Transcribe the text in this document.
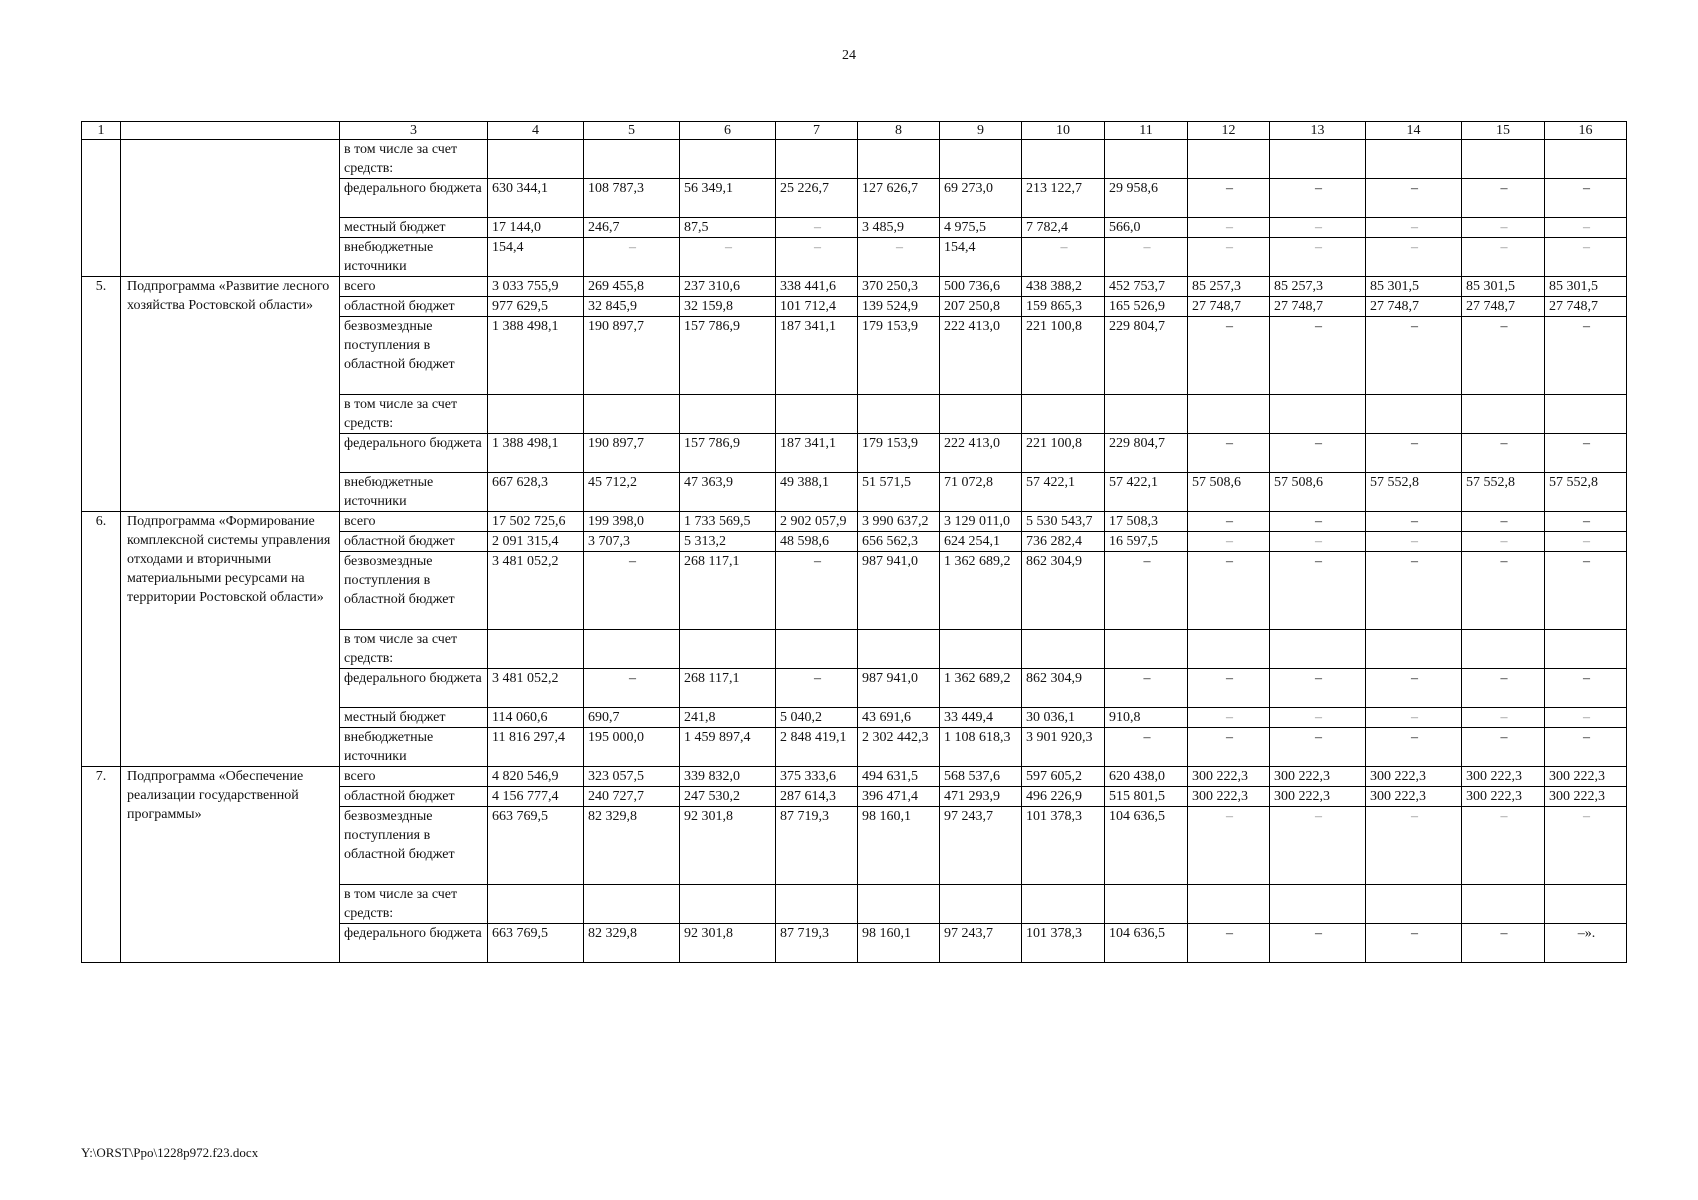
24
1		3	4	5	6	7	8	9	10	11	12	13	14	15	16
		в том числе за счет средств:													
		федерального бюджета	630 344,1	108 787,3	56 349,1	25 226,7	127 626,7	69 273,0	213 122,7	29 958,6	–	–	–	–	–
		местный бюджет	17 144,0	246,7	87,5	–	3 485,9	4 975,5	7 782,4	566,0	–	–	–	–	–
		внебюджетные источники	154,4	–	–	–	–	154,4	–	–	–	–	–	–	–
5.	Подпрограмма «Развитие лесного хозяйства Ростовской области»	всего	3 033 755,9	269 455,8	237 310,6	338 441,6	370 250,3	500 736,6	438 388,2	452 753,7	85 257,3	85 257,3	85 301,5	85 301,5	85 301,5
		областной бюджет	977 629,5	32 845,9	32 159,8	101 712,4	139 524,9	207 250,8	159 865,3	165 526,9	27 748,7	27 748,7	27 748,7	27 748,7	27 748,7
		безвозмездные поступления в областной бюджет	1 388 498,1	190 897,7	157 786,9	187 341,1	179 153,9	222 413,0	221 100,8	229 804,7	–	–	–	–	–
		в том числе за счет средств:													
		федерального бюджета	1 388 498,1	190 897,7	157 786,9	187 341,1	179 153,9	222 413,0	221 100,8	229 804,7	–	–	–	–	–
		внебюджетные источники	667 628,3	45 712,2	47 363,9	49 388,1	51 571,5	71 072,8	57 422,1	57 422,1	57 508,6	57 508,6	57 552,8	57 552,8	57 552,8
6.	Подпрограмма «Формирование комплексной системы управления отходами и вторичными материальными ресурсами на территории Ростовской области»	всего	17 502 725,6	199 398,0	1 733 569,5	2 902 057,9	3 990 637,2	3 129 011,0	5 530 543,7	17 508,3	–	–	–	–	–
		областной бюджет	2 091 315,4	3 707,3	5 313,2	48 598,6	656 562,3	624 254,1	736 282,4	16 597,5	–	–	–	–	–
		безвозмездные поступления в областной бюджет	3 481 052,2	–	268 117,1	–	987 941,0	1 362 689,2	862 304,9	–	–	–	–	–	–
		в том числе за счет средств:													
		федерального бюджета	3 481 052,2	–	268 117,1	–	987 941,0	1 362 689,2	862 304,9	–	–	–	–	–	–
		местный бюджет	114 060,6	690,7	241,8	5 040,2	43 691,6	33 449,4	30 036,1	910,8	–	–	–	–	–
		внебюджетные источники	11 816 297,4	195 000,0	1 459 897,4	2 848 419,1	2 302 442,3	1 108 618,3	3 901 920,3	–	–	–	–	–	–
7.	Подпрограмма «Обеспечение реализации государственной программы»	всего	4 820 546,9	323 057,5	339 832,0	375 333,6	494 631,5	568 537,6	597 605,2	620 438,0	300 222,3	300 222,3	300 222,3	300 222,3	300 222,3
		областной бюджет	4 156 777,4	240 727,7	247 530,2	287 614,3	396 471,4	471 293,9	496 226,9	515 801,5	300 222,3	300 222,3	300 222,3	300 222,3	300 222,3
		безвозмездные поступления в областной бюджет	663 769,5	82 329,8	92 301,8	87 719,3	98 160,1	97 243,7	101 378,3	104 636,5	–	–	–	–	–
		в том числе за счет средств:													
		федерального бюджета	663 769,5	82 329,8	92 301,8	87 719,3	98 160,1	97 243,7	101 378,3	104 636,5	–	–	–	–	–».
Y:\ORST\Ppo\1228p972.f23.docx
